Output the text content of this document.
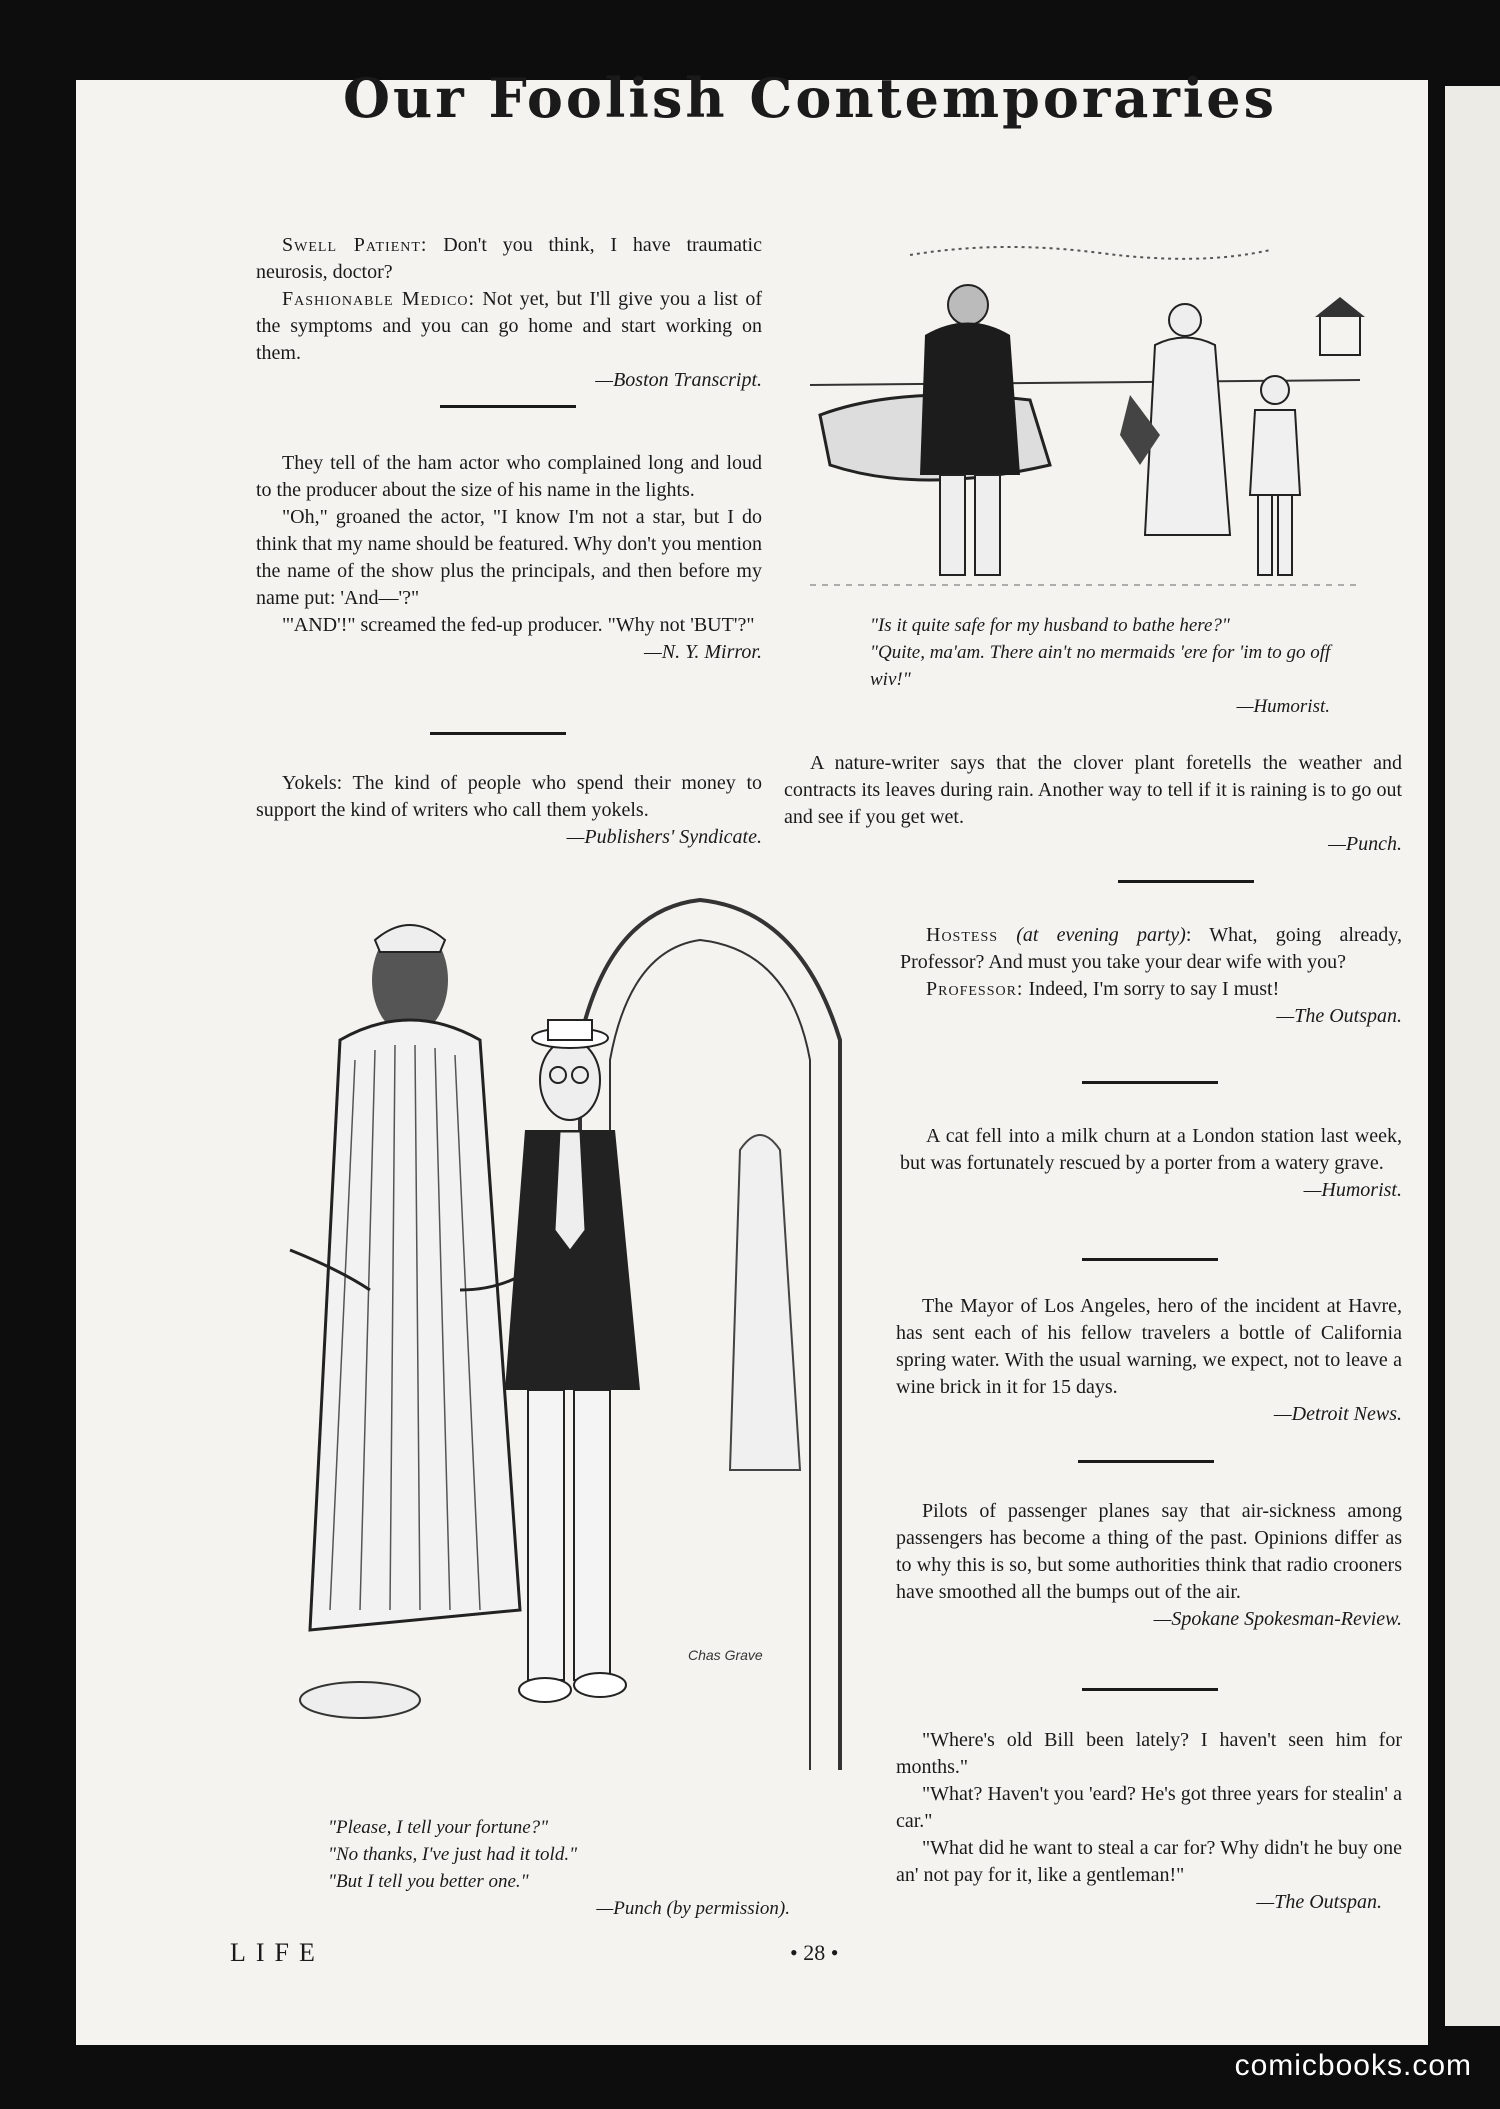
Our Foolish Contemporaries

Swell Patient: Don't you think, I have traumatic neurosis, doctor?

Fashionable Medico: Not yet, but I'll give you a list of the symptoms and you can go home and start working on them.

—Boston Transcript.

They tell of the ham actor who complained long and loud to the producer about the size of his name in the lights.

"Oh," groaned the actor, "I know I'm not a star, but I do think that my name should be featured. Why don't you mention the name of the show plus the principals, and then before my name put: 'And—'?"

"'AND'!" screamed the fed-up producer. "Why not 'BUT'?"

—N. Y. Mirror.

Yokels: The kind of people who spend their money to support the kind of writers who call them yokels.

—Publishers' Syndicate.
"Is it quite safe for my husband to bathe here?"
"Quite, ma'am. There ain't no mermaids 'ere for 'im to go off wiv!"
—Humorist.

A nature-writer says that the clover plant foretells the weather and contracts its leaves during rain. Another way to tell if it is raining is to go out and see if you get wet.

—Punch.

Hostess (at evening party): What, going already, Professor? And must you take your dear wife with you?

Professor: Indeed, I'm sorry to say I must!

—The Outspan.

A cat fell into a milk churn at a London station last week, but was fortunately rescued by a porter from a watery grave.

—Humorist.

The Mayor of Los Angeles, hero of the incident at Havre, has sent each of his fellow travelers a bottle of California spring water. With the usual warning, we expect, not to leave a wine brick in it for 15 days.

—Detroit News.

Pilots of passenger planes say that air-sickness among passengers has become a thing of the past. Opinions differ as to why this is so, but some authorities think that radio crooners have smoothed all the bumps out of the air.

—Spokane Spokesman-Review.

"Where's old Bill been lately? I haven't seen him for months."

"What? Haven't you 'eard? He's got three years for stealin' a car."

"What did he want to steal a car for? Why didn't he buy one an' not pay for it, like a gentleman!"

—The Outspan.
Chas Grave
"Please, I tell your fortune?"
"No thanks, I've just had it told."
"But I tell you better one."
—Punch (by permission).
LIFE	• 28 •
comicbooks.com
